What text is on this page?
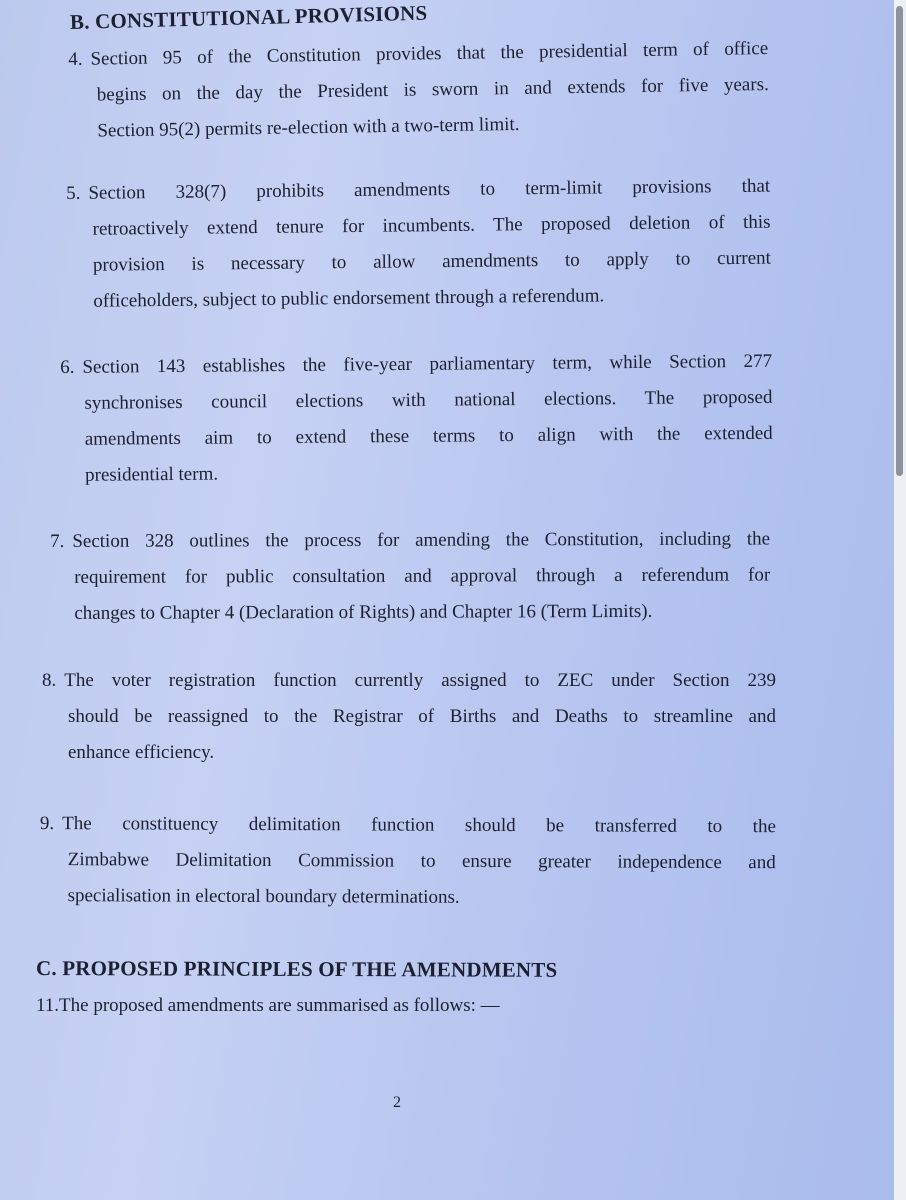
B. CONSTITUTIONAL PROVISIONS
4. Section 95 of the Constitution provides that the presidential term of office
begins on the day the President is sworn in and extends for five years.
Section 95(2) permits re-election with a two-term limit.
5. Section 328(7) prohibits amendments to term-limit provisions that
retroactively extend tenure for incumbents. The proposed deletion of this
provision is necessary to allow amendments to apply to current
officeholders, subject to public endorsement through a referendum.
6. Section 143 establishes the five-year parliamentary term, while Section 277
synchronises council elections with national elections. The proposed
amendments aim to extend these terms to align with the extended
presidential term.
7. Section 328 outlines the process for amending the Constitution, including the
requirement for public consultation and approval through a referendum for
changes to Chapter 4 (Declaration of Rights) and Chapter 16 (Term Limits).
8. The voter registration function currently assigned to ZEC under Section 239
should be reassigned to the Registrar of Births and Deaths to streamline and
enhance efficiency.
9. The constituency delimitation function should be transferred to the
Zimbabwe Delimitation Commission to ensure greater independence and
specialisation in electoral boundary determinations.
C. PROPOSED PRINCIPLES OF THE AMENDMENTS
11.The proposed amendments are summarised as follows: —
2
